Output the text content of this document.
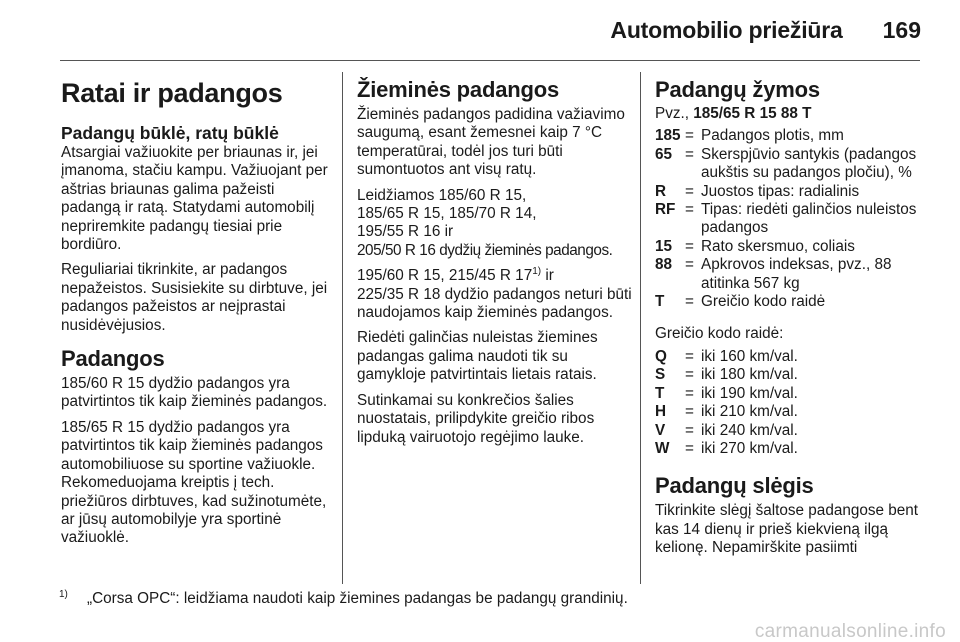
Automobilio priežiūra 169
Ratai ir padangos
Padangų būklė, ratų būklė

Atsargiai važiuokite per briaunas ir, jei įmanoma, stačiu kampu. Važiuojant per aštrias briaunas galima pažeisti padangą ir ratą. Statydami automobilį nepriremkite padangų tiesiai prie bordiūro.

Reguliariai tikrinkite, ar padangos nepažeistos. Susisiekite su dirbtuve, jei padangos pažeistos ar neįprastai nusidėvėjusios.

Padangos

185/60 R 15 dydžio padangos yra patvirtintos tik kaip žieminės padangos.

185/65 R 15 dydžio padangos yra patvirtintos tik kaip žieminės padangos automobiliuose su sportine važiuokle. Rekomeduojama kreiptis į tech. priežiūros dirbtuves, kad sužinotumėte, ar jūsų automobilyje yra sportinė važiuoklė.

Žieminės padangos

Žieminės padangos padidina važiavimo saugumą, esant žemesnei kaip 7 °C temperatūrai, todėl jos turi būti sumontuotos ant visų ratų.

Leidžiamos 185/60 R 15,
185/65 R 15, 185/70 R 14,
195/55 R 16 ir
205/50 R 16 dydžių žieminės padangos.

195/60 R 15, 215/45 R 17$^{1)}$ ir
225/35 R 18 dydžio padangos neturi būti naudojamos kaip žieminės padangos.

Riedėti galinčias nuleistas žiemines padangas galima naudoti tik su gamykloje patvirtintais lietais ratais.

Sutinkamai su konkrečios šalies nuostatais, prilipdykite greičio ribos lipduką vairuotojo regėjimo lauke.

Padangų žymos

Pvz., 185/65 R 15 88 T

185 = Padangos plotis, mm
65 = Skerspjūvio santykis (padangos aukštis su padangos pločiu), %
R	= Juostos tipas: radialinis
RF = Tipas: riedėti galinčios nuleistos padangos
15 = Rato skersmuo, coliais
88 = Apkrovos indeksas, pvz., 88 atitinka 567 kg
T	= Greičio kodo raidė

Greičio kodo raidė:

Q	= iki 160 km/val.
S	= iki 180 km/val.
T	= iki 190 km/val.
H	= iki 210 km/val.
V	= iki 240 km/val.
W	= iki 270 km/val.
Padangų slėgis

Tikrinkite slėgį šaltose padangose bent kas 14 dienų ir prieš kiekvieną ilgą kelionę. Nepamirškite pasiimti

1)	„Corsa OPC“: leidžiama naudoti kaip žiemines padangas be padangų grandinių.
carmanualsonline.info
